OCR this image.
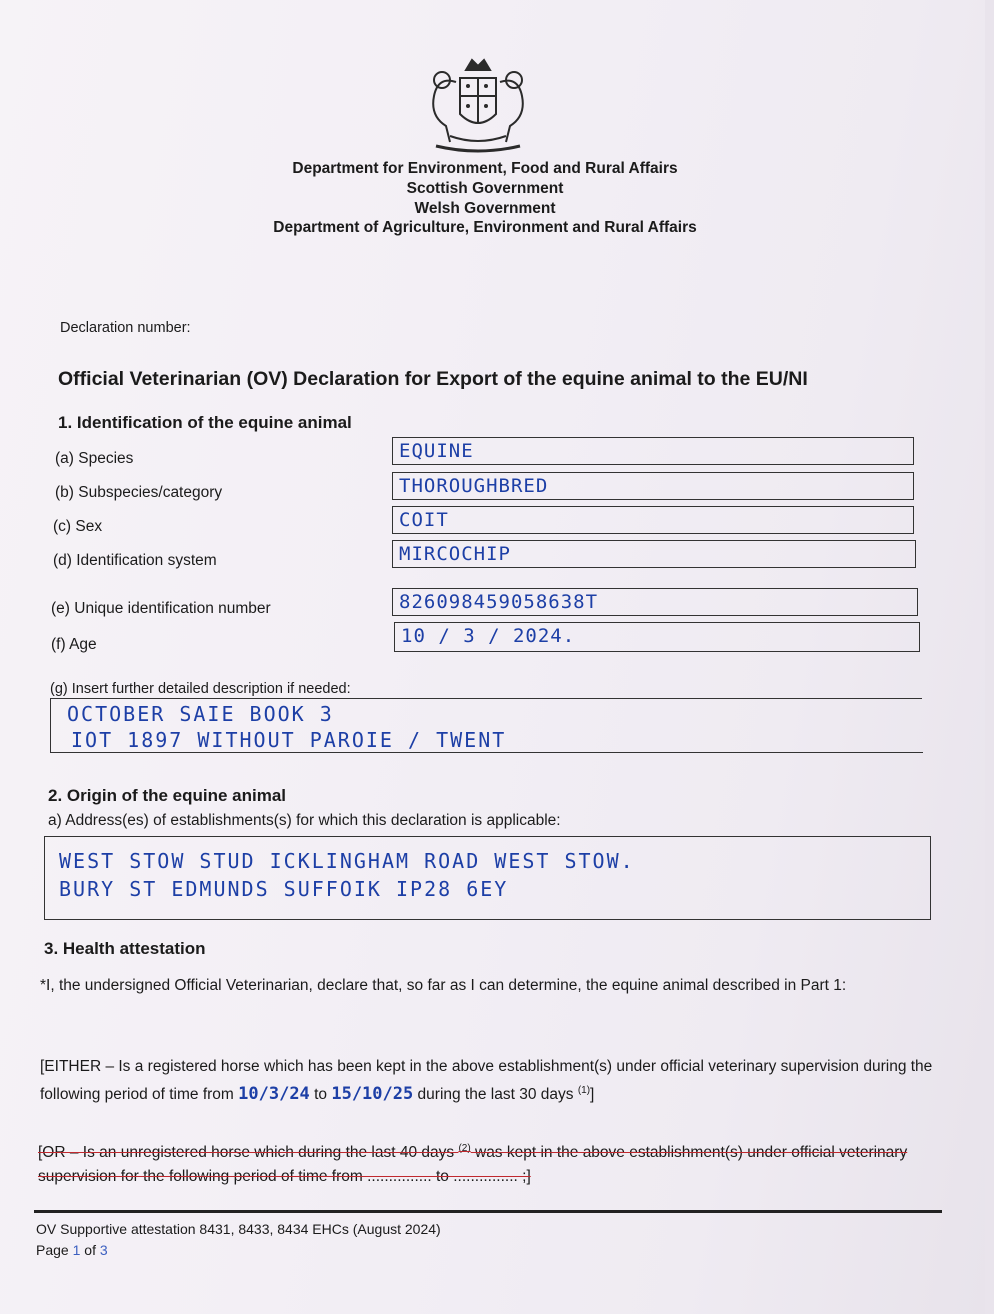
Department for Environment, Food and Rural Affairs
Scottish Government
Welsh Government
Department of Agriculture, Environment and Rural Affairs
Declaration number:
Official Veterinarian (OV) Declaration for Export of the equine animal to the EU/NI
1. Identification of the equine animal
(a) Species	EQUINE
(b) Subspecies/category	THOROUGHBRED
(c) Sex	COIT
(d) Identification system	MIRCOCHIP
(e) Unique identification number	826098459058638T
(f) Age	10 / 3 / 2024.
(g) Insert further detailed description if needed:
OCTOBER SAIE BOOK 3
IOT 1897 WITHOUT PAROIE / TWENT
2. Origin of the equine animal
a) Address(es) of establishments(s) for which this declaration is applicable:
WEST STOW STUD ICKLINGHAM ROAD WEST STOW.
BURY ST EDMUNDS SUFFOIK IP28 6EY
3. Health attestation
*I, the undersigned Official Veterinarian, declare that, so far as I can determine, the equine animal described in Part 1:
[EITHER – Is a registered horse which has been kept in the above establishment(s) under official veterinary supervision during the following period of time from 10/3/24 to 15/10/25 during the last 30 days $^{(1)}$]
[OR – Is an unregistered horse which during the last 40 days $^{(2)}$ was kept in the above establishment(s) under official veterinary supervision for the following period of time from ............... to ............... ;]
OV Supportive attestation 8431, 8433, 8434 EHCs (August 2024)
Page 1 of 3
